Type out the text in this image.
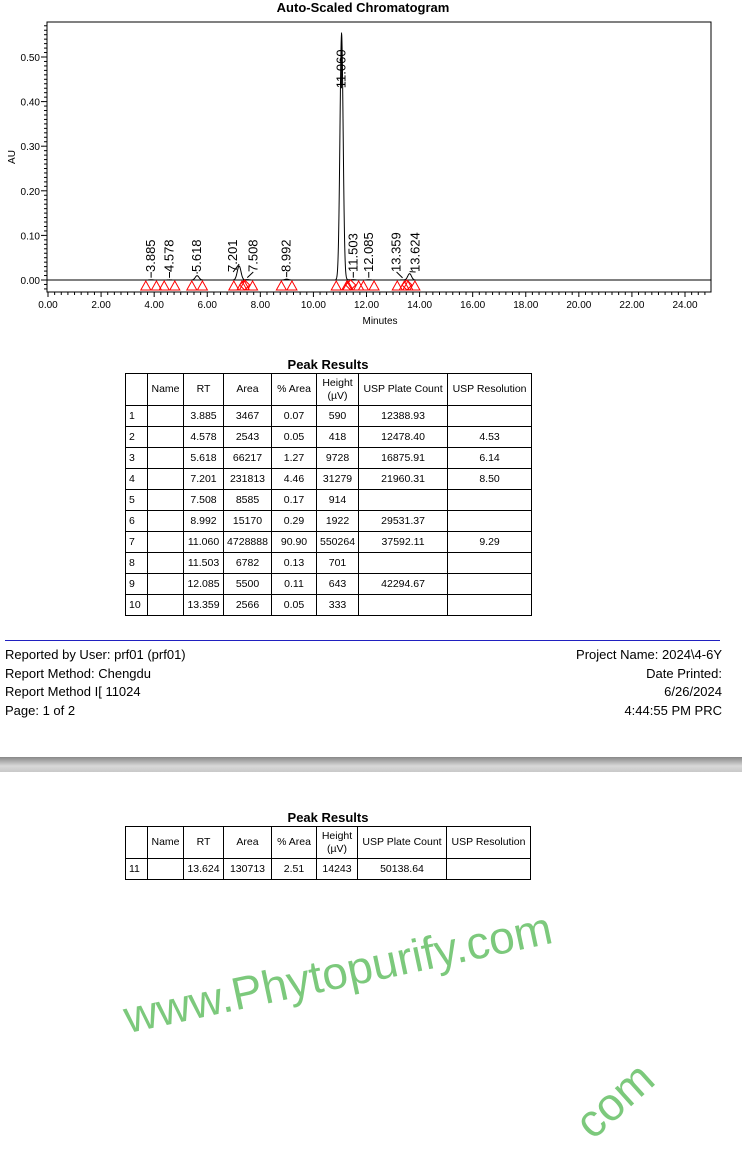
Auto-Scaled Chromatogram
AU
Minutes
0.00
0.10
0.20
0.30
0.40
0.50
0.00	2.00	4.00	6.00	8.00	10.00	12.00	14.00	16.00	18.00	20.00	22.00	24.00
3.885 4.578 5.618 7.201 7.508 8.992
11.060
11.503 12.085 13.359 13.624
Peak Results
	Name	RT	Area	% Area	Height
(µV)	USP Plate Count	USP Resolution
1		3.885	3467	0.07	590	12388.93	
2		4.578	2543	0.05	418	12478.40	4.53
3		5.618	66217	1.27	9728	16875.91	6.14
4		7.201	231813	4.46	31279	21960.31	8.50
5		7.508	8585	0.17	914		
6		8.992	15170	0.29	1922	29531.37	
7		11.060	4728888	90.90	550264	37592.11	9.29
8		11.503	6782	0.13	701		
9		12.085	5500	0.11	643	42294.67	
10		13.359	2566	0.05	333		
Reported by User: prf01 (prf01)
Report Method: Chengdu
Report Method I[ 11024
Page: 1 of 2
Project Name: 2024\4-6Y
Date Printed:
6/26/2024
4:44:55 PM PRC
Peak Results
	Name	RT	Area	% Area	Height
(µV)	USP Plate Count	USP Resolution
11		13.624	130713	2.51	14243	50138.64	
www.Phytopurify.com
com
